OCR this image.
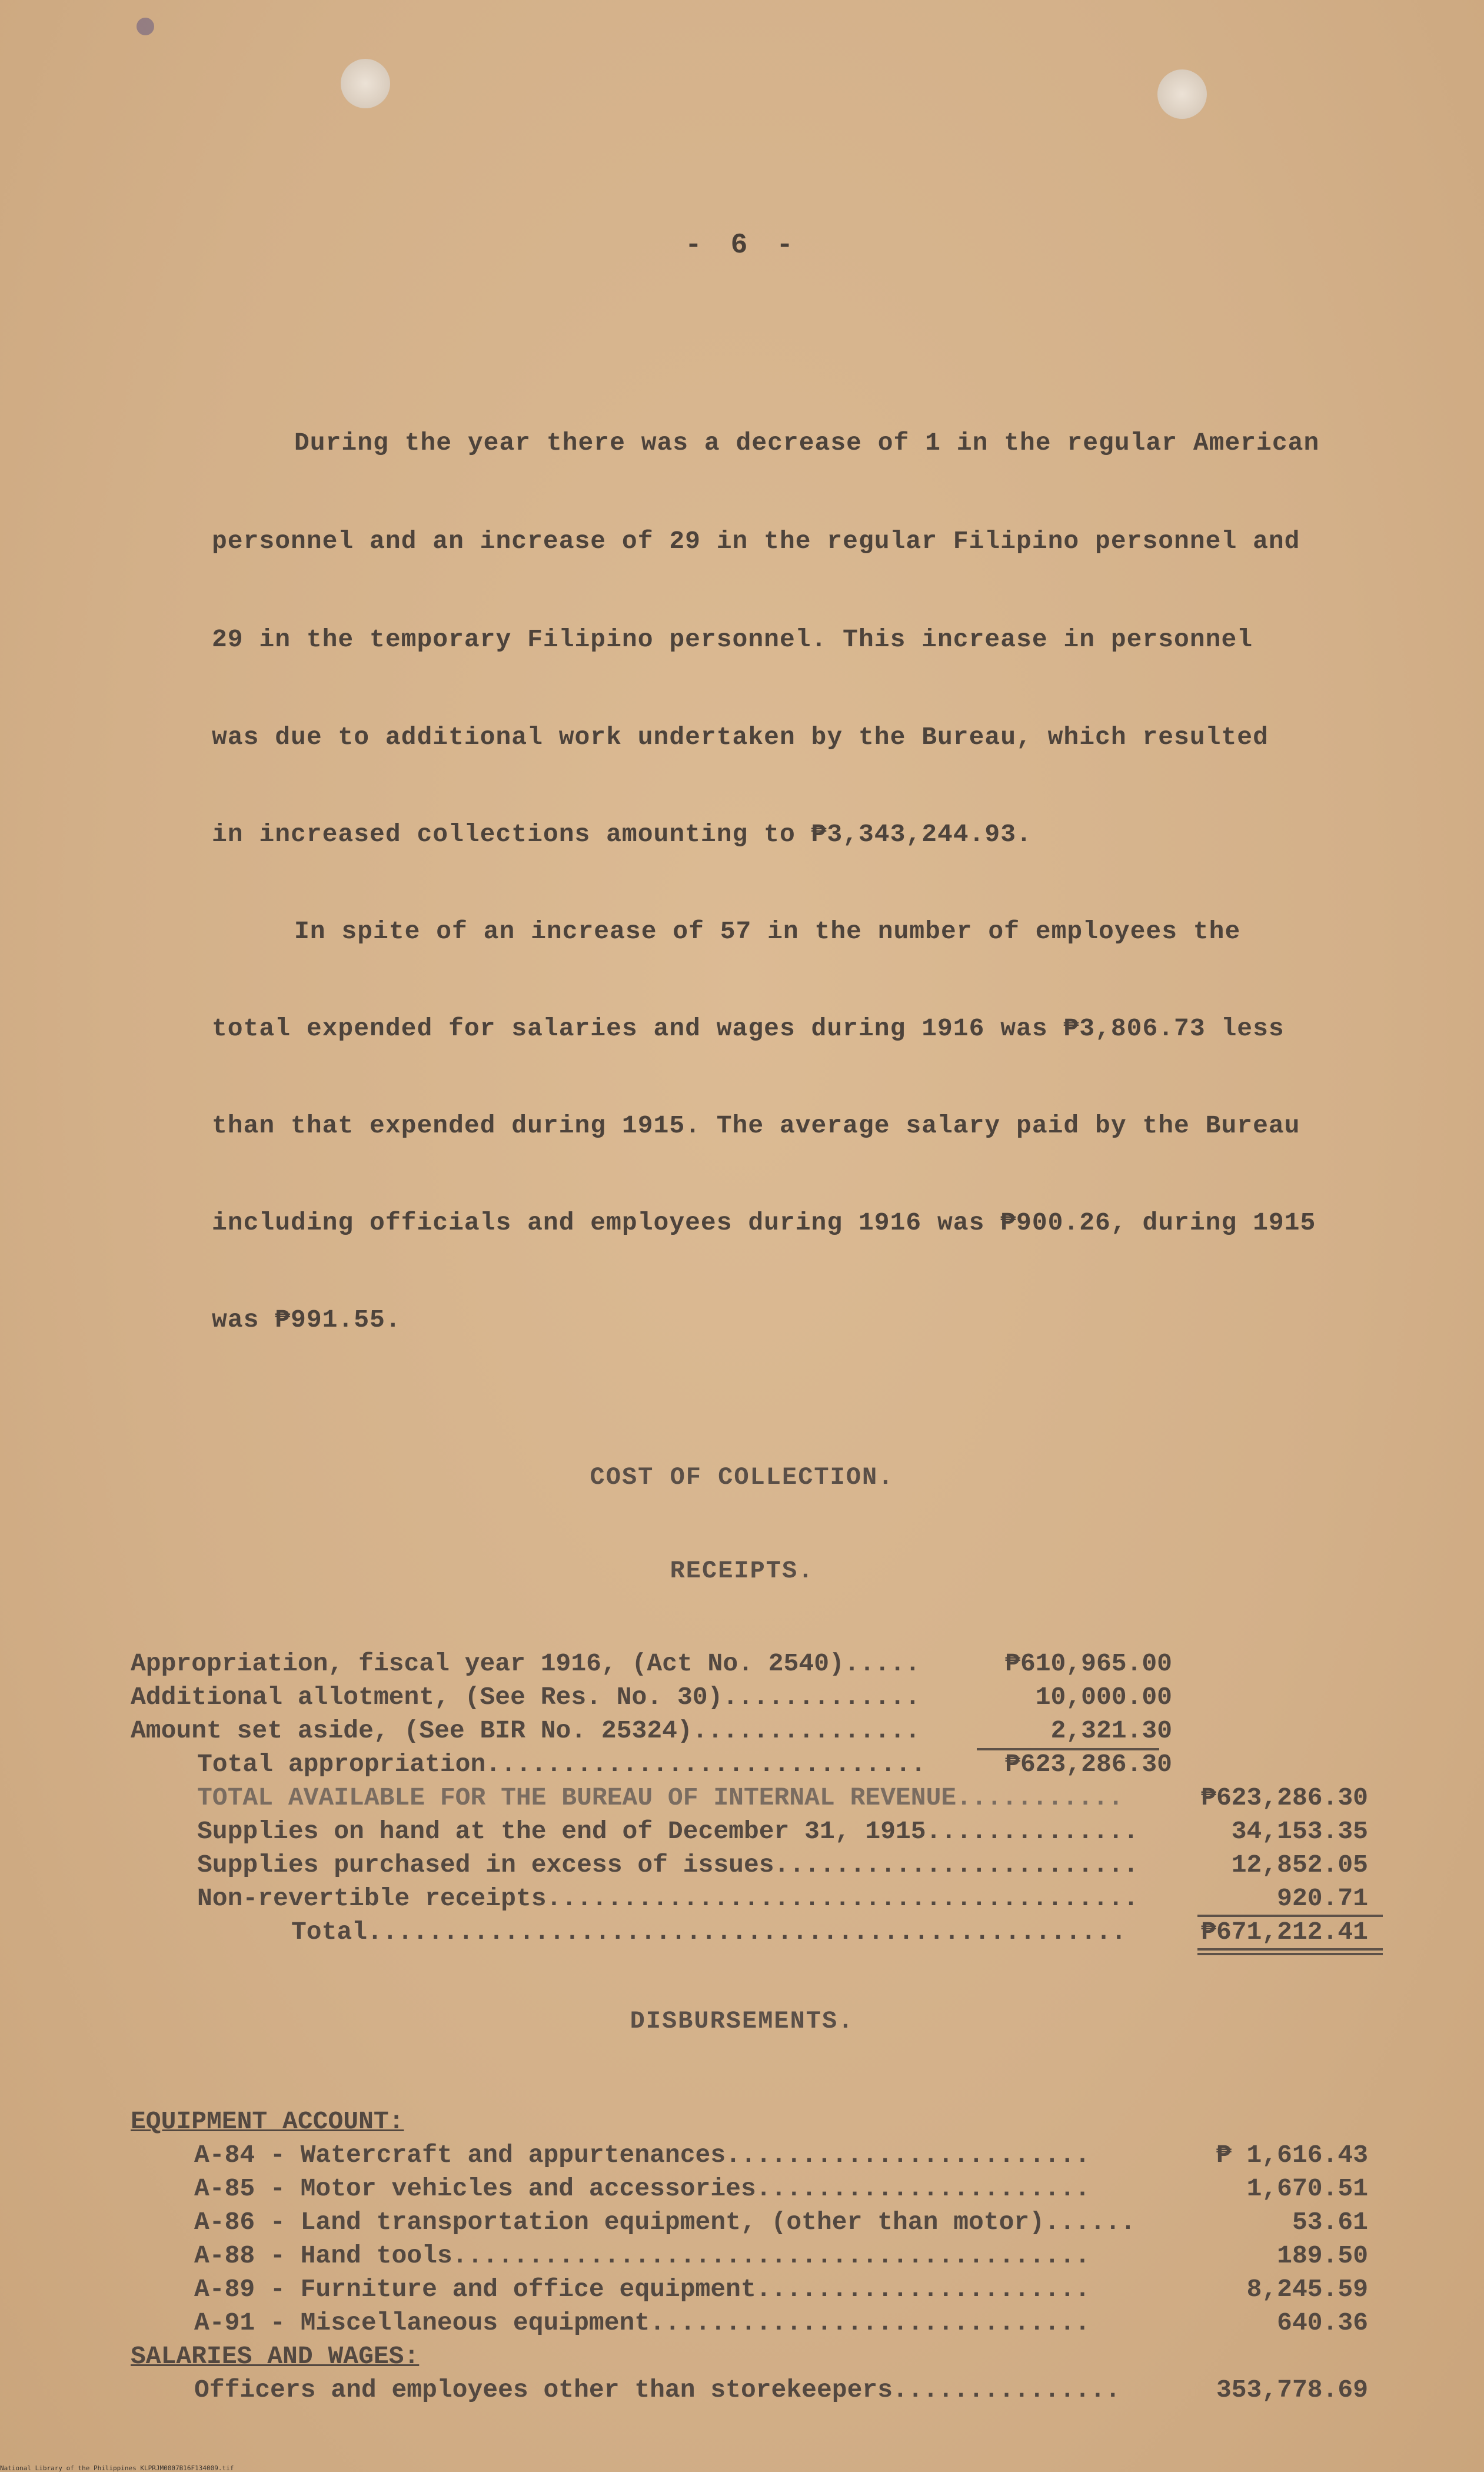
- 6 -
During the year there was a decrease of 1 in the regular American
personnel and an increase of 29 in the regular Filipino personnel and
29 in the temporary Filipino personnel. This increase in personnel
was due to additional work undertaken by the Bureau, which resulted
in increased collections amounting to ₱3,343,244.93.
In spite of an increase of 57 in the number of employees the
total expended for salaries and wages during 1916 was ₱3,806.73 less
than that expended during 1915. The average salary paid by the Bureau
including officials and employees during 1916 was ₱900.26, during 1915
was ₱991.55.
COST OF COLLECTION.
RECEIPTS.
Appropriation, fiscal year 1916, (Act No. 2540).....	₱610,965.00
Additional allotment, (See Res. No. 30).............	10,000.00
Amount set aside, (See BIR No. 25324)...............	2,321.30
Total appropriation.............................	₱623,286.30
TOTAL AVAILABLE FOR THE BUREAU OF INTERNAL REVENUE...........	₱623,286.30
Supplies on hand at the end of December 31, 1915..............	34,153.35
Supplies purchased in excess of issues........................	12,852.05
Non-revertible receipts.......................................	920.71
Total..................................................	₱671,212.41
DISBURSEMENTS.
EQUIPMENT ACCOUNT:
A-84 - Watercraft and appurtenances........................	₱ 1,616.43
A-85 - Motor vehicles and accessories......................	1,670.51
A-86 - Land transportation equipment, (other than motor)......	53.61
A-88 - Hand tools..........................................	189.50
A-89 - Furniture and office equipment......................	8,245.59
A-91 - Miscellaneous equipment.............................	640.36
SALARIES AND WAGES:
Officers and employees other than storekeepers...............	353,778.69
National Library of the Philippines KLPRJM0007B16F134009.tif
